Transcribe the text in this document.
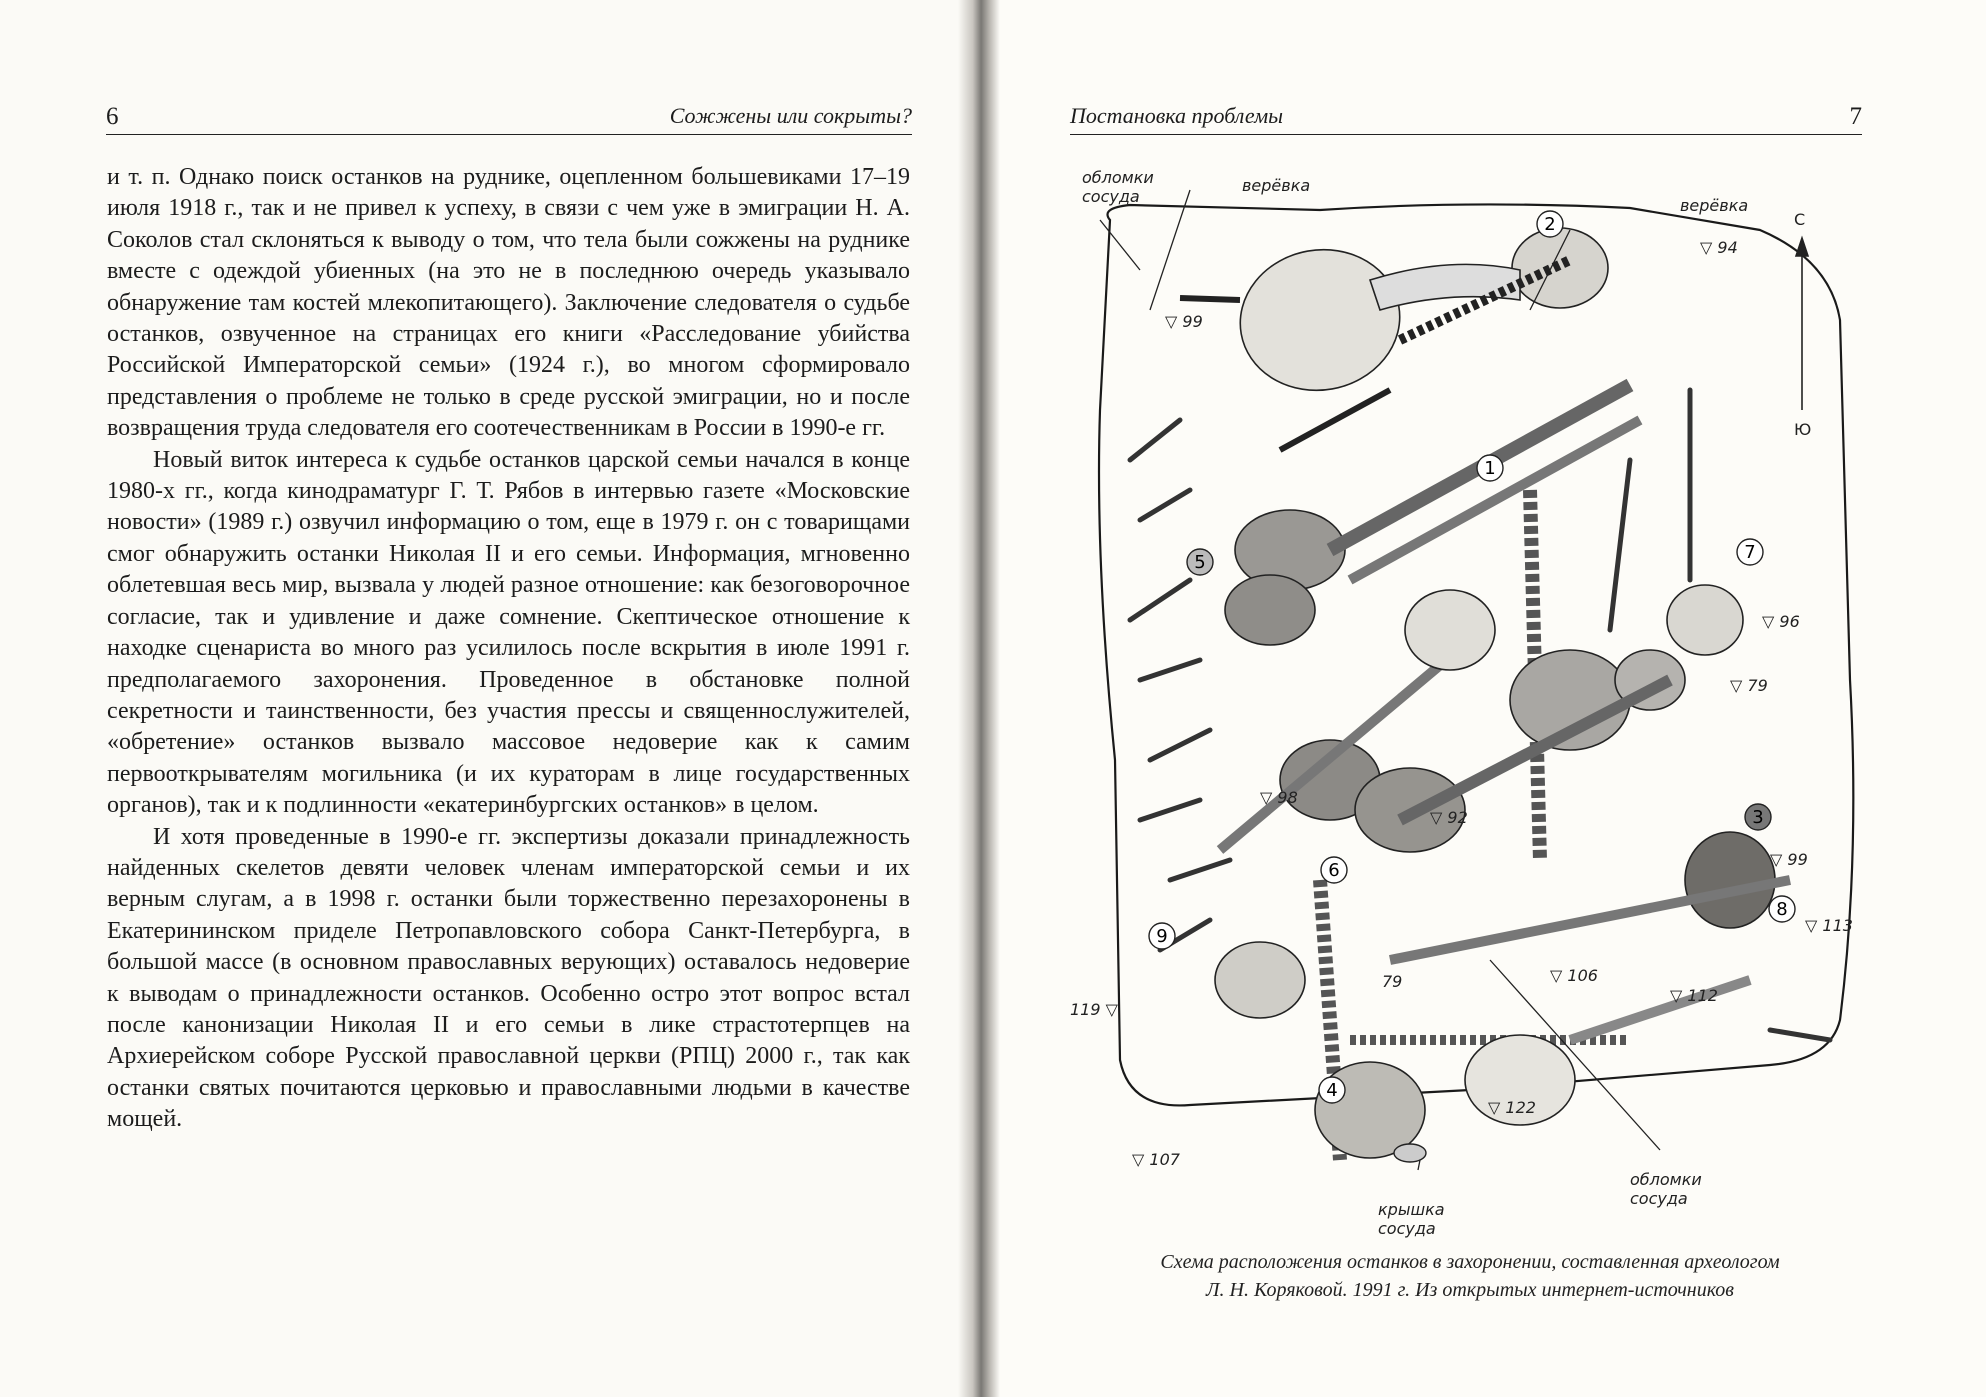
6	Сожжены или сокрыты?

и т. п. Однако поиск останков на руднике, оцепленном большевиками 17–19 июля 1918 г., так и не привел к успеху, в связи с чем уже в эмиграции Н. А. Соколов стал склоняться к выводу о том, что тела были сожжены на руднике вместе с одеждой убиенных (на это не в последнюю очередь указывало обнаружение там костей млекопитающего). Заключение следователя о судьбе останков, озвученное на страницах его книги «Расследование убийства Российской Императорской семьи» (1924 г.), во многом сформировало представления о проблеме не только в среде русской эмиграции, но и после возвращения труда следователя его соотечественникам в России в 1990-е гг.

Новый виток интереса к судьбе останков царской семьи начался в конце 1980-х гг., когда кинодраматург Г. Т. Рябов в интервью газете «Московские новости» (1989 г.) озвучил информацию о том, еще в 1979 г. он с товарищами смог обнаружить останки Николая II и его семьи. Информация, мгновенно облетевшая весь мир, вызвала у людей разное отношение: как безоговорочное согласие, так и удивление и даже сомнение. Скептическое отношение к находке сценариста во много раз усилилось после вскрытия в июле 1991 г. предполагаемого захоронения. Проведенное в обстановке полной секретности и таинственности, без участия прессы и священнослужителей, «обретение» останков вызвало массовое недоверие как к самим первооткрывателям могильника (и их кураторам в лице государственных органов), так и к подлинности «екатеринбургских останков» в целом.

И хотя проведенные в 1990-е гг. экспертизы доказали принадлежность найденных скелетов девяти человек членам императорской семьи и их верным слугам, а в 1998 г. останки были торжественно перезахоронены в Екатерининском приделе Петропавловского собора Санкт-Петербурга, в большой массе (в основном православных верующих) оставалось недоверие к выводам о принадлежности останков. Особенно остро этот вопрос встал после канонизации Николая II и его семьи в лике страстотерпцев на Архиерейском соборе Русской православной церкви (РПЦ) 2000 г., так как останки святых почитаются церковью и православными людьми в качестве мощей.

Постановка проблемы	7
2
1
5	7
6
3
8
9
4
обломки сосуда
верёвка
верёвка
С
Ю
▽ 99
▽ 94
▽ 96
▽ 79
▽ 98
▽ 92
▽ 99
▽ 113
79	▽ 106
▽ 112
119 ▽
▽ 122
▽ 107
обломки сосуда
крышка сосуда
Схема расположения останков в захоронении, составленная археологом
Л. Н. Коряковой. 1991 г. Из открытых интернет-источников
